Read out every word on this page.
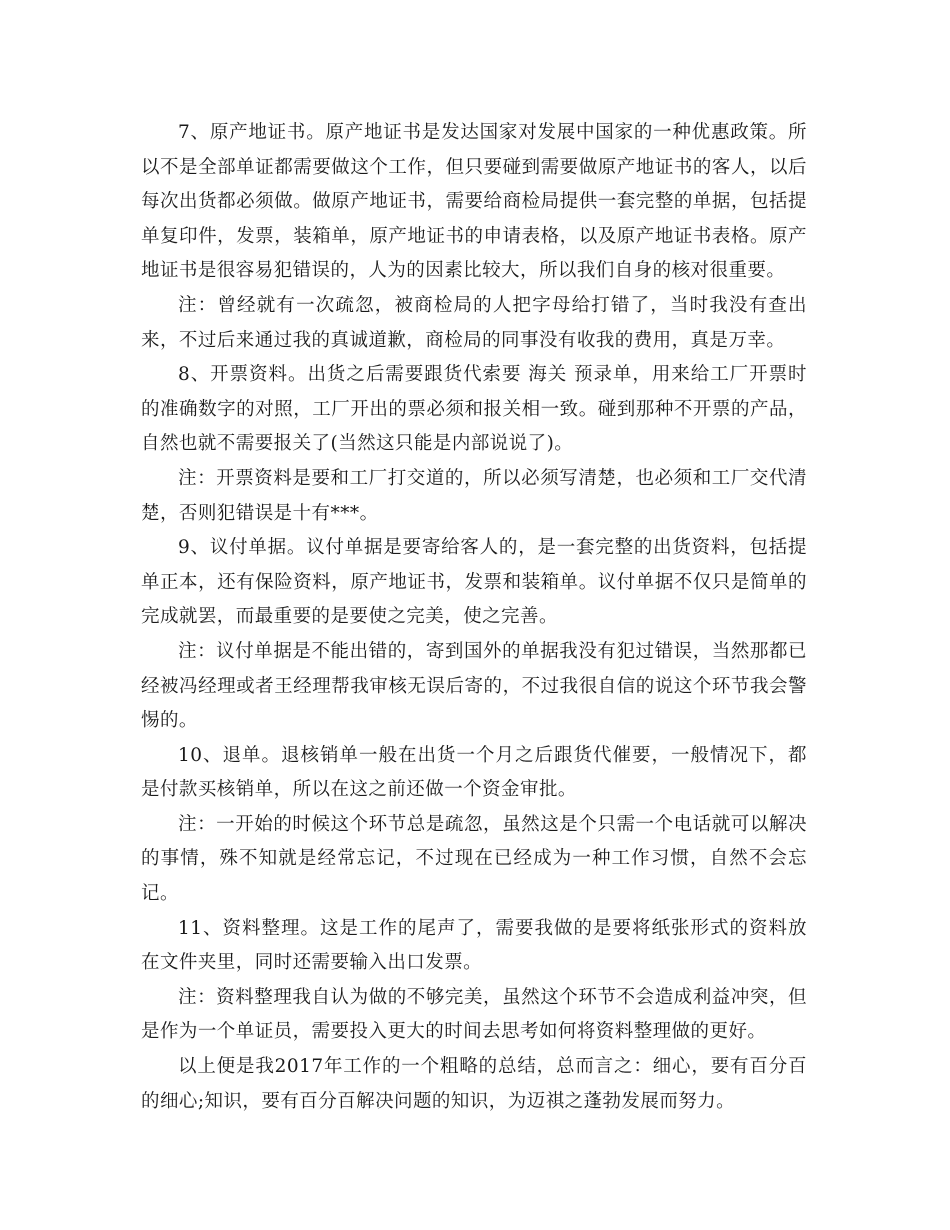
7、原产地证书。原产地证书是发达国家对发展中国家的一种优惠政策。所以不是全部单证都需要做这个工作，但只要碰到需要做原产地证书的客人，以后每次出货都必须做。做原产地证书，需要给商检局提供一套完整的单据，包括提单复印件，发票，装箱单，原产地证书的申请表格，以及原产地证书表格。原产地证书是很容易犯错误的，人为的因素比较大，所以我们自身的核对很重要。

注：曾经就有一次疏忽，被商检局的人把字母给打错了，当时我没有查出来，不过后来通过我的真诚道歉，商检局的同事没有收我的费用，真是万幸。

8、开票资料。出货之后需要跟货代索要 海关 预录单，用来给工厂开票时的准确数字的对照，工厂开出的票必须和报关相一致。碰到那种不开票的产品，自然也就不需要报关了(当然这只能是内部说说了)。

注：开票资料是要和工厂打交道的，所以必须写清楚，也必须和工厂交代清楚，否则犯错误是十有***。

9、议付单据。议付单据是要寄给客人的，是一套完整的出货资料，包括提单正本，还有保险资料，原产地证书，发票和装箱单。议付单据不仅只是简单的完成就罢，而最重要的是要使之完美，使之完善。

注：议付单据是不能出错的，寄到国外的单据我没有犯过错误，当然那都已经被冯经理或者王经理帮我审核无误后寄的，不过我很自信的说这个环节我会警惕的。

10、退单。退核销单一般在出货一个月之后跟货代催要，一般情况下，都是付款买核销单，所以在这之前还做一个资金审批。

注：一开始的时候这个环节总是疏忽，虽然这是个只需一个电话就可以解决的事情，殊不知就是经常忘记，不过现在已经成为一种工作习惯，自然不会忘记。

11、资料整理。这是工作的尾声了，需要我做的是要将纸张形式的资料放在文件夹里，同时还需要输入出口发票。

注：资料整理我自认为做的不够完美，虽然这个环节不会造成利益冲突，但是作为一个单证员，需要投入更大的时间去思考如何将资料整理做的更好。

以上便是我2017年工作的一个粗略的总结，总而言之：细心，要有百分百的细心;知识，要有百分百解决问题的知识，为迈祺之蓬勃发展而努力。
